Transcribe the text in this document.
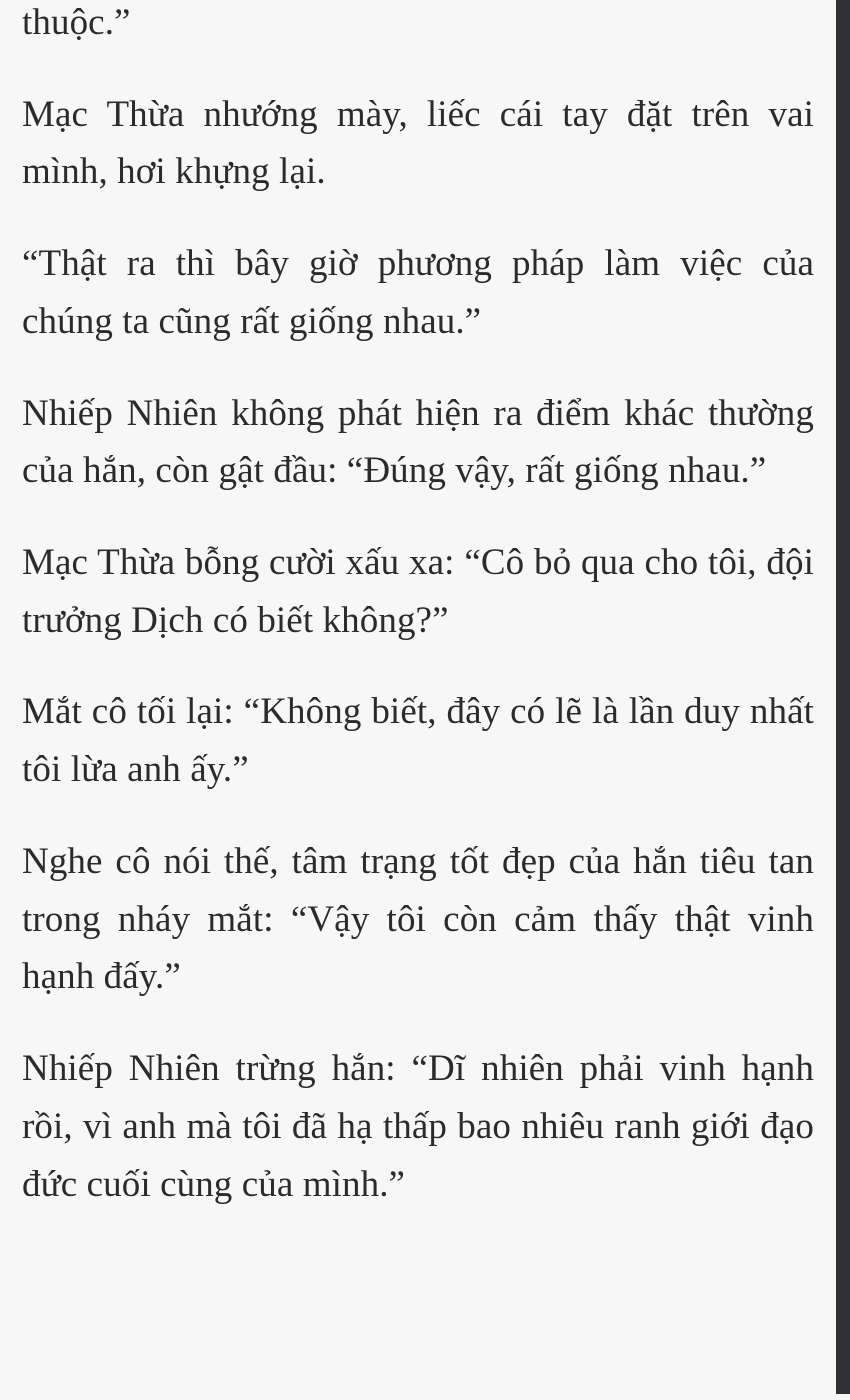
thuộc.”

Mạc Thừa nhướng mày, liếc cái tay đặt trên vai mình, hơi khựng lại.

“Thật ra thì bây giờ phương pháp làm việc của chúng ta cũng rất giống nhau.”

Nhiếp Nhiên không phát hiện ra điểm khác thường của hắn, còn gật đầu: “Đúng vậy, rất giống nhau.”

Mạc Thừa bỗng cười xấu xa: “Cô bỏ qua cho tôi, đội trưởng Dịch có biết không?”

Mắt cô tối lại: “Không biết, đây có lẽ là lần duy nhất tôi lừa anh ấy.”

Nghe cô nói thế, tâm trạng tốt đẹp của hắn tiêu tan trong nháy mắt: “Vậy tôi còn cảm thấy thật vinh hạnh đấy.”

Nhiếp Nhiên trừng hắn: “Dĩ nhiên phải vinh hạnh rồi, vì anh mà tôi đã hạ thấp bao nhiêu ranh giới đạo đức cuối cùng của mình.”
